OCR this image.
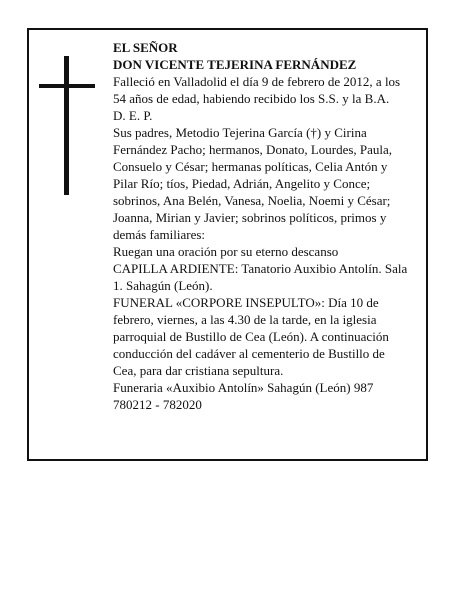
EL SEÑOR

DON VICENTE TEJERINA FERNÁNDEZ

Falleció en Valladolid el día 9 de febrero de 2012, a los 54 años de edad, habiendo recibido los S.S. y la B.A.

D. E. P.

Sus padres, Metodio Tejerina García (†) y Cirina Fernández Pacho; hermanos, Donato, Lourdes, Paula, Consuelo y César; hermanas políticas, Celia Antón y Pilar Río; tíos, Piedad, Adrián, Angelito y Conce; sobrinos, Ana Belén, Vanesa, Noelia, Noemi y César; Joanna, Mirian y Javier; sobrinos políticos, primos y demás familiares:

Ruegan una oración por su eterno descanso

CAPILLA ARDIENTE: Tanatorio Auxibio Antolín. Sala 1. Sahagún (León).

FUNERAL «CORPORE INSEPULTO»: Día 10 de febrero, viernes, a las 4.30 de la tarde, en la iglesia parroquial de Bustillo de Cea (León). A continuación conducción del cadáver al cementerio de Bustillo de Cea, para dar cristiana sepultura.

Funeraria «Auxibio Antolín» Sahagún (León) 987 780212 - 782020
